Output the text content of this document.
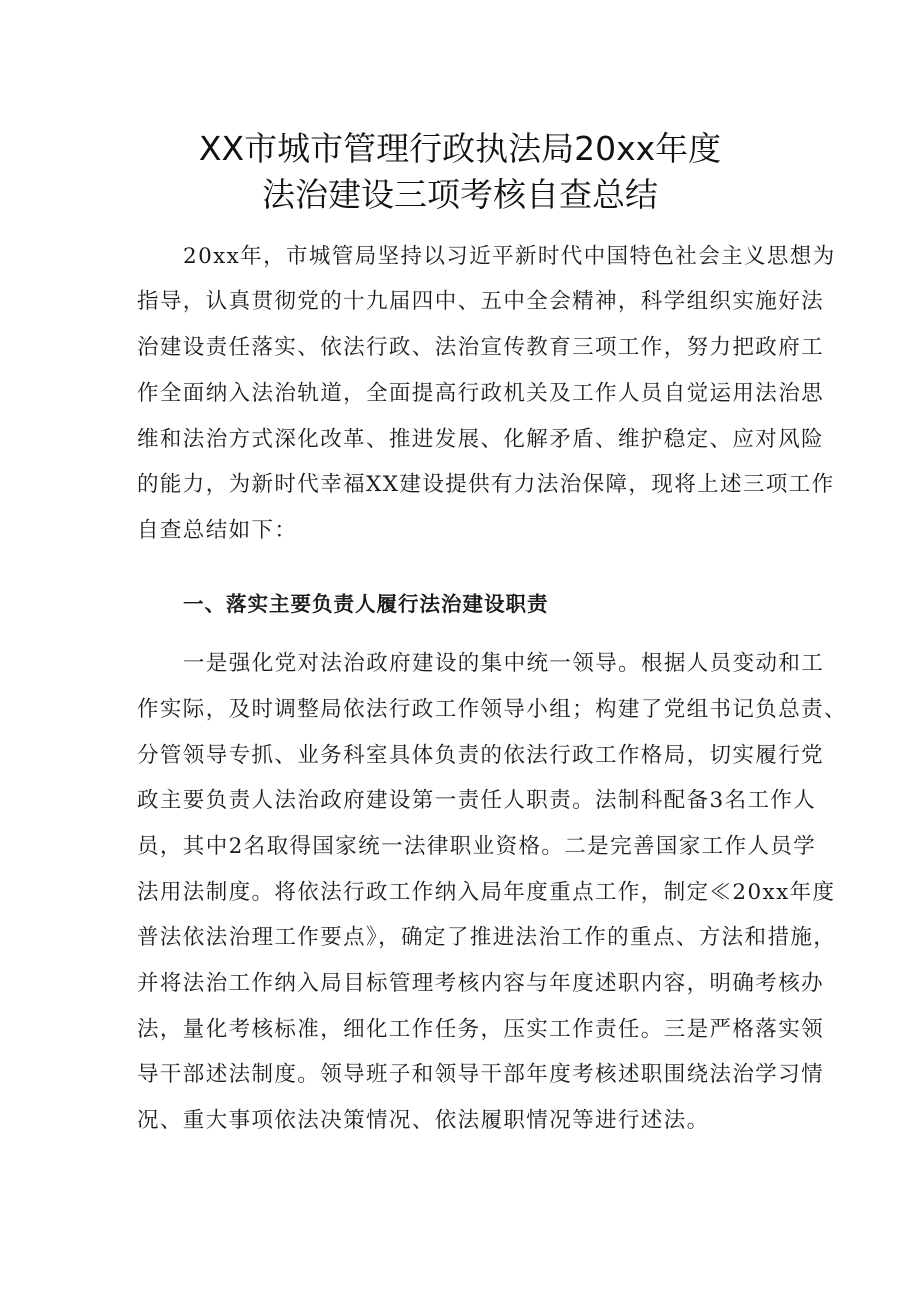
XX市城市管理行政执法局20xx年度
法治建设三项考核自查总结
20xx年，市城管局坚持以习近平新时代中国特色社会主义思想为
指导，认真贯彻党的十九届四中、五中全会精神，科学组织实施好法
治建设责任落实、依法行政、法治宣传教育三项工作，努力把政府工
作全面纳入法治轨道，全面提高行政机关及工作人员自觉运用法治思
维和法治方式深化改革、推进发展、化解矛盾、维护稳定、应对风险
的能力，为新时代幸福XX建设提供有力法治保障，现将上述三项工作
自查总结如下：
一、落实主要负责人履行法治建设职责
一是强化党对法治政府建设的集中统一领导。根据人员变动和工
作实际，及时调整局依法行政工作领导小组；构建了党组书记负总责、
分管领导专抓、业务科室具体负责的依法行政工作格局，切实履行党
政主要负责人法治政府建设第一责任人职责。法制科配备3名工作人
员，其中2名取得国家统一法律职业资格。二是完善国家工作人员学
法用法制度。将依法行政工作纳入局年度重点工作，制定≪20xx年度
普法依法治理工作要点》，确定了推进法治工作的重点、方法和措施，
并将法治工作纳入局目标管理考核内容与年度述职内容，明确考核办
法，量化考核标准，细化工作任务，压实工作责任。三是严格落实领
导干部述法制度。领导班子和领导干部年度考核述职围绕法治学习情
况、重大事项依法决策情况、依法履职情况等进行述法。
